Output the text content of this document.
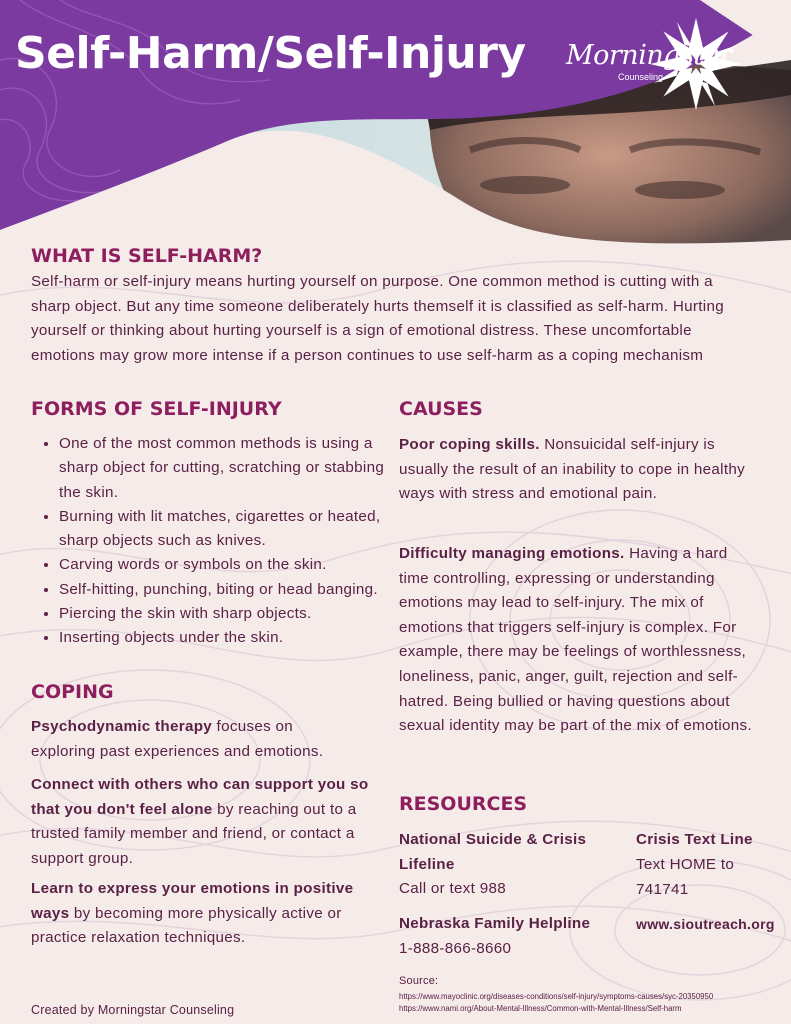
Self-Harm/Self-Injury Morningstar
Counseling
WHAT IS SELF-HARM?

Self-harm or self-injury means hurting yourself on purpose. One common method is cutting with a sharp object. But any time someone deliberately hurts themself it is classified as self-harm. Hurting yourself or thinking about hurting yourself is a sign of emotional distress. These uncomfortable emotions may grow more intense if a person continues to use self-harm as a coping mechanism

FORMS OF SELF-INJURY
• One of the most common methods is using a sharp object for cutting, scratching or stabbing the skin.
• Burning with lit matches, cigarettes or heated, sharp objects such as knives.
• Carving words or symbols on the skin.
• Self-hitting, punching, biting or head banging.
• Piercing the skin with sharp objects.
• Inserting objects under the skin.
COPING

Psychodynamic therapy focuses on exploring past experiences and emotions.

Connect with others who can support you so that you don't feel alone by reaching out to a trusted family member and friend, or contact a support group.

Learn to express your emotions in positive ways by becoming more physically active or practice relaxation techniques.

CAUSES

Poor coping skills. Nonsuicidal self-injury is usually the result of an inability to cope in healthy ways with stress and emotional pain.

Difficulty managing emotions. Having a hard time controlling, expressing or understanding emotions may lead to self-injury. The mix of emotions that triggers self-injury is complex. For example, there may be feelings of worthlessness, loneliness, panic, anger, guilt, rejection and self-hatred. Being bullied or having questions about sexual identity may be part of the mix of emotions.

RESOURCES

National Suicide & Crisis Lifeline

Call or text 988

Crisis Text Line

Text HOME to 741741

Nebraska Family Helpline

1-888-866-8660

www.sioutreach.org

Source:
https://www.mayoclinic.org/diseases-conditions/self-injury/symptoms-causes/syc-20350950
https://www.nami.org/About-Mental-Illness/Common-with-Mental-Illness/Self-harm
Created by Morningstar Counseling
